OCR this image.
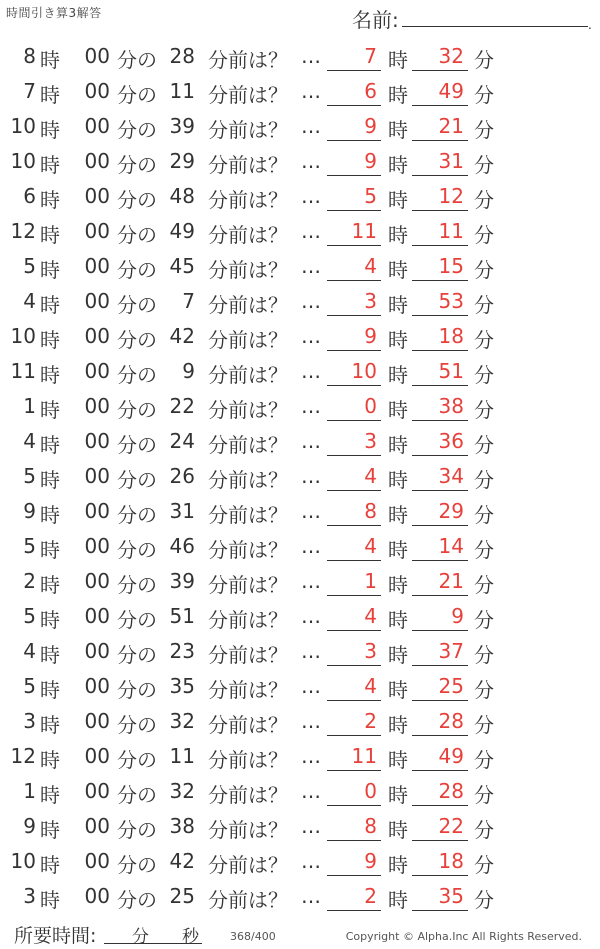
時間引き算3解答	名前:	.
8 時 00 分の 28 分前は？ …	7 時	32 分
7 時 00 分の 11 分前は？ …	6 時	49 分
10 時 00 分の 39 分前は？ …	9 時	21 分
10 時 00 分の 29 分前は？ …	9 時	31 分
6 時 00 分の 48 分前は？ …	5 時	12 分
12 時 00 分の 49 分前は？ …	11 時	11 分
5 時 00 分の 45 分前は？ …	4 時	15 分
4 時 00 分の	7 分前は？ …	3 時	53 分
10 時 00 分の 42 分前は？ …	9 時	18 分
11 時 00 分の	9 分前は？ …	10 時	51 分
1 時 00 分の 22 分前は？ …	0 時	38 分
4 時 00 分の 24 分前は？ …	3 時	36 分
5 時 00 分の 26 分前は？ …	4 時	34 分
9 時 00 分の 31 分前は？ …	8 時	29 分
5 時 00 分の 46 分前は？ …	4 時	14 分
2 時 00 分の 39 分前は？ …	1 時	21 分
5 時 00 分の 51 分前は？ …	4 時	9 分
4 時 00 分の 23 分前は？ …	3 時	37 分
5 時 00 分の 35 分前は？ …	4 時	25 分
3 時 00 分の 32 分前は？ …	2 時	28 分
12 時 00 分の 11 分前は？ …	11 時	49 分
1 時 00 分の 32 分前は？ …	0 時	28 分
9 時 00 分の 38 分前は？ …	8 時	22 分
10 時 00 分の 42 分前は？ …	9 時	18 分
3 時 00 分の 25 分前は？ …	2 時	35 分
所要時間: 分 秒	368/400	Copyright © Alpha.Inc All Rights Reserved.
